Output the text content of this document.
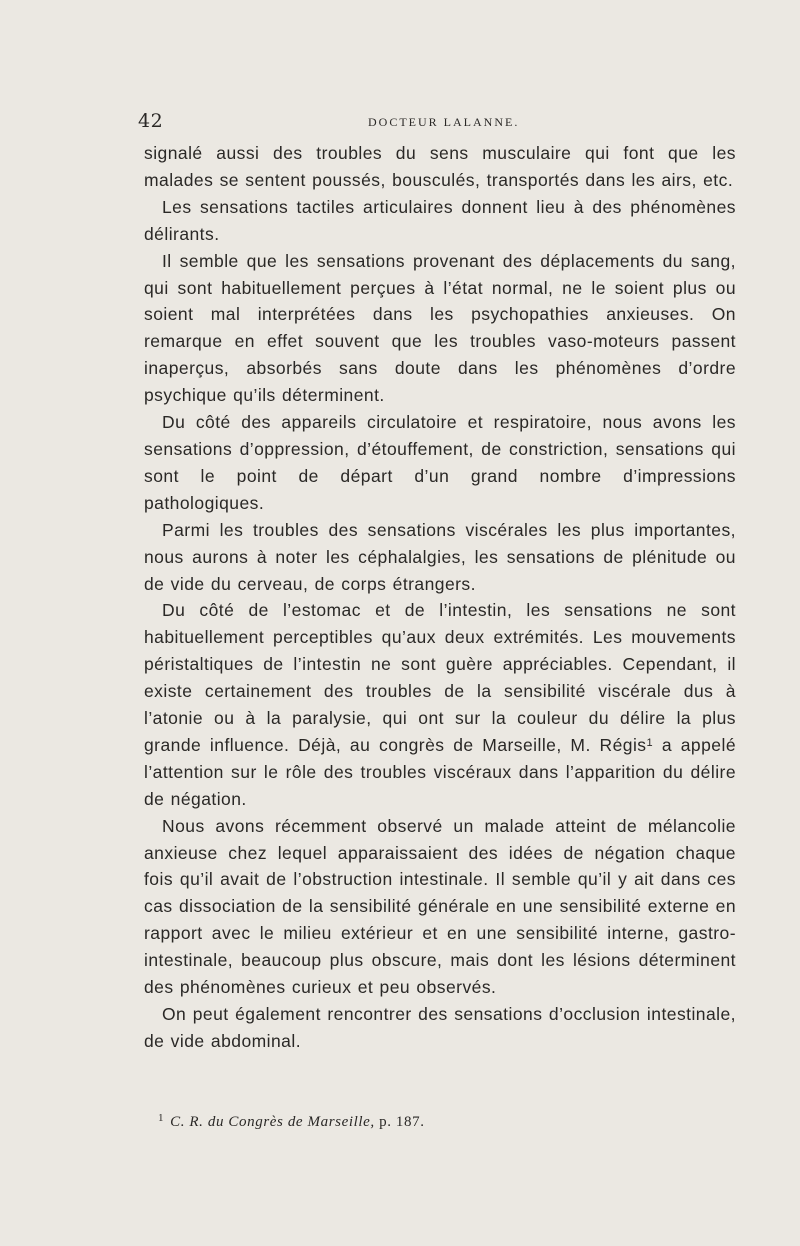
42	DOCTEUR LALANNE.

signalé aussi des troubles du sens musculaire qui font que les malades se sentent poussés, bousculés, transportés dans les airs, etc.

Les sensations tactiles articulaires donnent lieu à des phénomènes délirants.

Il semble que les sensations provenant des déplacements du sang, qui sont habituellement perçues à l’état normal, ne le soient plus ou soient mal interprétées dans les psychopathies anxieuses. On remarque en effet souvent que les troubles vaso-moteurs passent inaperçus, absorbés sans doute dans les phénomènes d’ordre psychique qu’ils déterminent.

Du côté des appareils circulatoire et respiratoire, nous avons les sensations d’oppression, d’étouffement, de constriction, sensations qui sont le point de départ d’un grand nombre d’impressions pathologiques.

Parmi les troubles des sensations viscérales les plus importantes, nous aurons à noter les céphalalgies, les sensations de plénitude ou de vide du cerveau, de corps étrangers.

Du côté de l’estomac et de l’intestin, les sensations ne sont habituellement perceptibles qu’aux deux extrémités. Les mouvements péristaltiques de l’intestin ne sont guère appréciables. Cependant, il existe certainement des troubles de la sensibilité viscérale dus à l’atonie ou à la paralysie, qui ont sur la couleur du délire la plus grande influence. Déjà, au congrès de Marseille, M. Régis$^1$ a appelé l’attention sur le rôle des troubles viscéraux dans l’apparition du délire de négation.

Nous avons récemment observé un malade atteint de mélancolie anxieuse chez lequel apparaissaient des idées de négation chaque fois qu’il avait de l’obstruction intestinale. Il semble qu’il y ait dans ces cas dissociation de la sensibilité générale en une sensibilité externe en rapport avec le milieu extérieur et en une sensibilité interne, gastro-intestinale, beaucoup plus obscure, mais dont les lésions déterminent des phénomènes curieux et peu observés.

On peut également rencontrer des sensations d’occlusion intestinale, de vide abdominal.

$^1$ C. R. du Congrès de Marseille, p. 187.
